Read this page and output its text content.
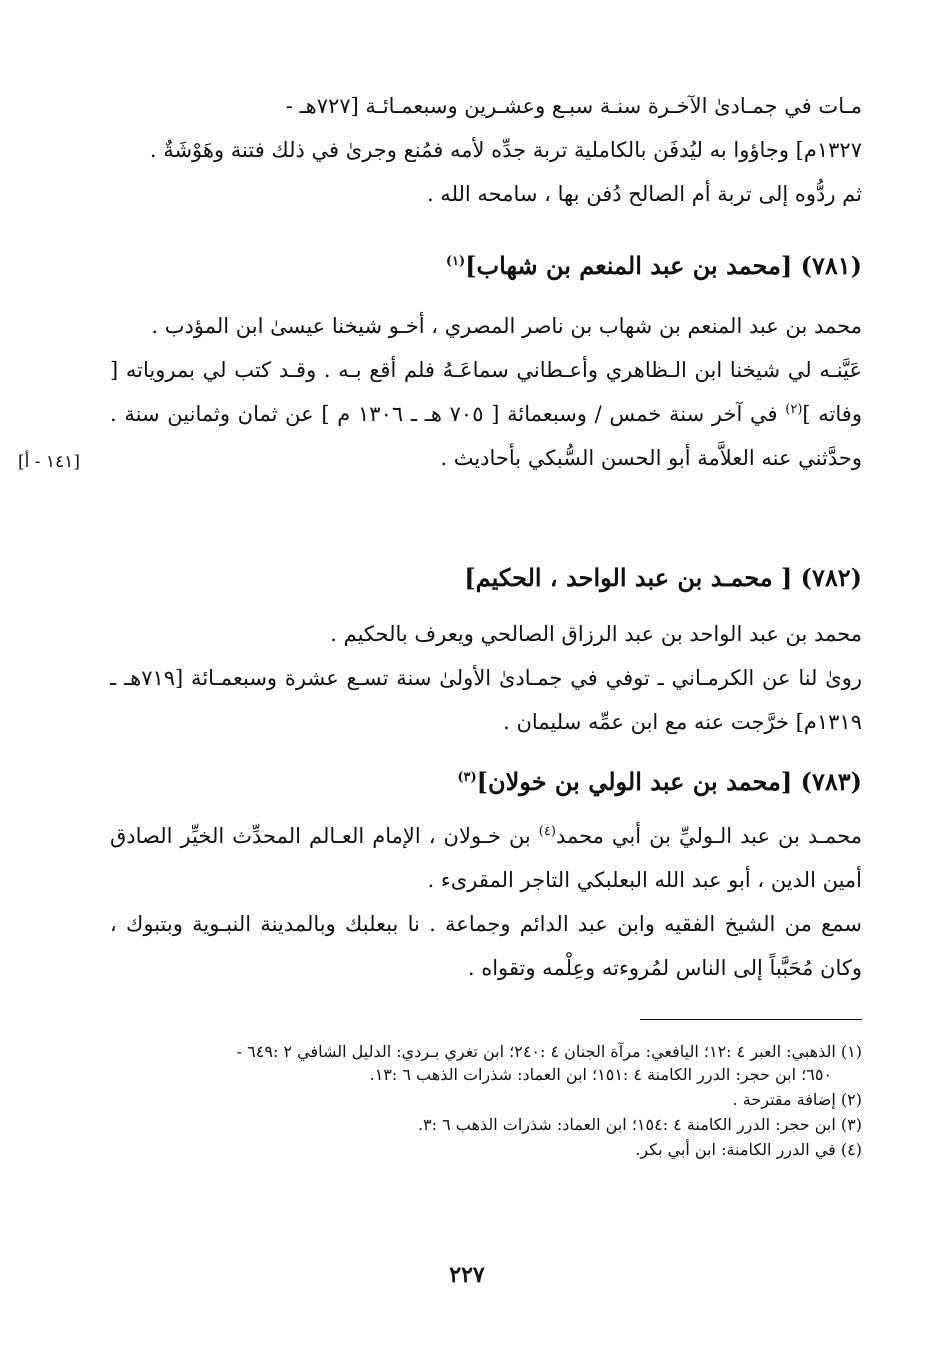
مـات في جمـادىٰ الآخـرة سنـة سبـع وعشـرين وسبعمـائـة [٧٢٧هـ -

١٣٢٧م] وجاؤوا به ليُدفَن بالكاملية تربة جدِّه لأمه فمُنع وجرىٰ في ذلك فتنة وهَوْشَةٌ .

ثم ردُّوه إلى تربة أم الصالح دُفن بها ، سامحه الله .

(٧٨١) [محمد بن عبد المنعم بن شهاب]$^{(١)}$

محمد بن عبد المنعم بن شهاب بن ناصر المصري ، أخـو شيخنا عيسىٰ ابن المؤدب .

عَيَّنـه لي شيخنا ابن الـظاهري وأعـطاني سماعَـهُ فلم أقع بـه . وقـد كتب لي بمروياته [ وفاته ]$^{(٢)}$ في آخر سنة خمس / وسبعمائة [ ٧٠٥ هـ ـ ١٣٠٦ م ] عن ثمان وثمانين سنة . وحدَّثني عنه العلاَّمة أبو الحسن السُّبكي بأحاديث .

[١٤١ - أ]

(٧٨٢) [ محمـد بن عبد الواحد ، الحكيم]

محمد بن عبد الواحد بن عبد الرزاق الصالحي ويعرف بالحكيم .

روىٰ لنا عن الكرمـاني ـ توفي في جمـادىٰ الأولىٰ سنة تسـع عشرة وسبعمـائة [٧١٩هـ ـ ١٣١٩م] خرَّجت عنه مع ابن عمِّه سليمان .

(٧٨٣) [محمد بن عبد الولي بن خولان]$^{(٣)}$

محمـد بن عبد الـوليِّ بن أبي محمد$^{(٤)}$ بن خـولان ، الإمام العـالم المحدِّث الخيِّر الصادق أمين الدين ، أبو عبد الله البعلبكي التاجر المقرىء .

سمع من الشيخ الفقيه وابن عبد الدائم وجماعة . نا ببعلبك وبالمدينة النبـوية وبتبوك ، وكان مُحَبَّباً إلى الناس لمُروءته وعِلْمه وتقواه .

(١) الذهبي: العبر ٤ :١٢؛ اليافعي: مرآة الجنان ٤ :٢٤٠؛ ابن تغري بـردي: الدليل الشافي ٢ :٦٤٩ -
٦٥٠؛ ابن حجر: الدرر الكامنة ٤ :١٥١؛ ابن العماد: شذرات الذهب ٦ :١٣.

(٢) إضافة مقترحة .

(٣) ابن حجر: الدرر الكامنة ٤ :١٥٤؛ ابن العماد: شذرات الذهب ٦ :٣.

(٤) في الدرر الكامنة: ابن أبي بكر.

٢٢٧
